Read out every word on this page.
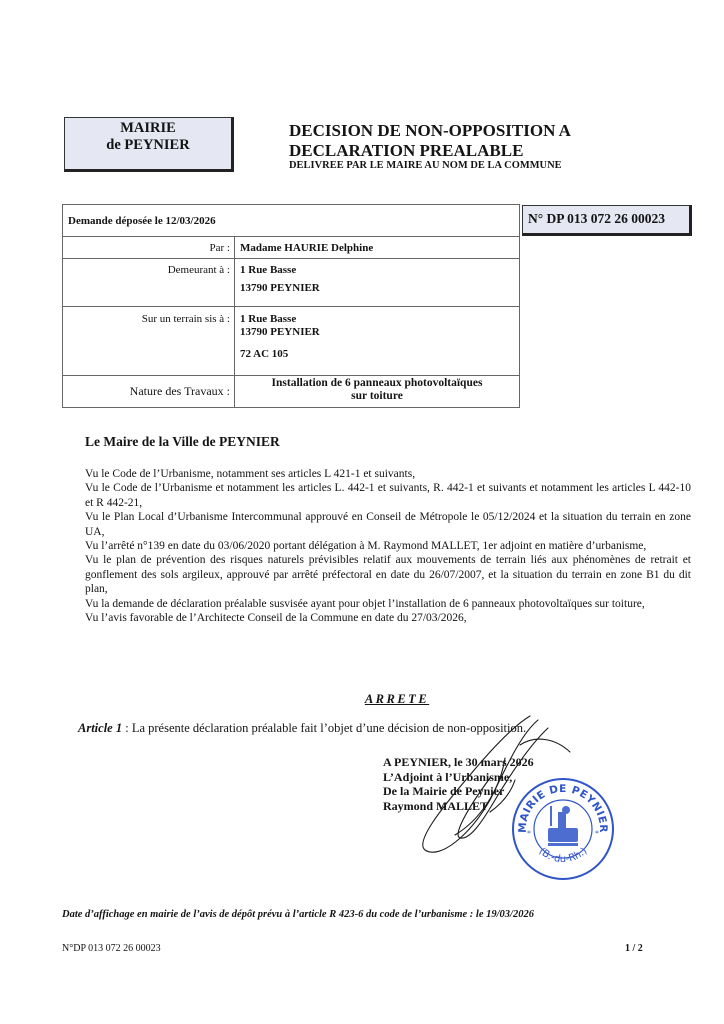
MAIRIE
de PEYNIER
DECISION DE NON-OPPOSITION A
DECLARATION PREALABLE
DELIVREE PAR LE MAIRE AU NOM DE LA COMMUNE
Demande déposée le 12/03/2026	
Par :	Madame HAURIE Delphine
Demeurant à :	1 Rue Basse
13790 PEYNIER

Sur un terrain sis à :	1 Rue Basse
13790 PEYNIER
72 AC 105

Nature des Travaux :	Installation de 6 panneaux photovoltaïques
sur toiture
N° DP 013 072 26 00023
Le Maire de la Ville de PEYNIER

Vu le Code de l’Urbanisme, notamment ses articles L 421-1 et suivants,

Vu le Code de l’Urbanisme et notamment les articles L. 442-1 et suivants, R. 442-1 et suivants et notamment les articles L 442-10 et R 442-21,

Vu le Plan Local d’Urbanisme Intercommunal approuvé en Conseil de Métropole le 05/12/2024 et la situation du terrain en zone UA,

Vu l’arrêté n°139 en date du 03/06/2020 portant délégation à M. Raymond MALLET, 1er adjoint en matière d’urbanisme,

Vu le plan de prévention des risques naturels prévisibles relatif aux mouvements de terrain liés aux phénomènes de retrait et gonflement des sols argileux, approuvé par arrêté préfectoral en date du 26/07/2007, et la situation du terrain en zone B1 du dit plan,

Vu la demande de déclaration préalable susvisée ayant pour objet l’installation de 6 panneaux photovoltaïques sur toiture,

Vu l’avis favorable de l’Architecte Conseil de la Commune en date du 27/03/2026,

ARRETE
Article 1 : La présente déclaration préalable fait l’objet d’une décision de non-opposition.
A PEYNIER, le 30 mars 2026
L’Adjoint à l’Urbanisme,
De la Mairie de Peynier
Raymond MALLET
MAIRIE DE PEYNIER
(B.-du-Rh.)
*	*
Date d’affichage en mairie de l’avis de dépôt prévu à l’article R 423-6 du code de l’urbanisme : le 19/03/2026
N°DP 013 072 26 00023	1 / 2
